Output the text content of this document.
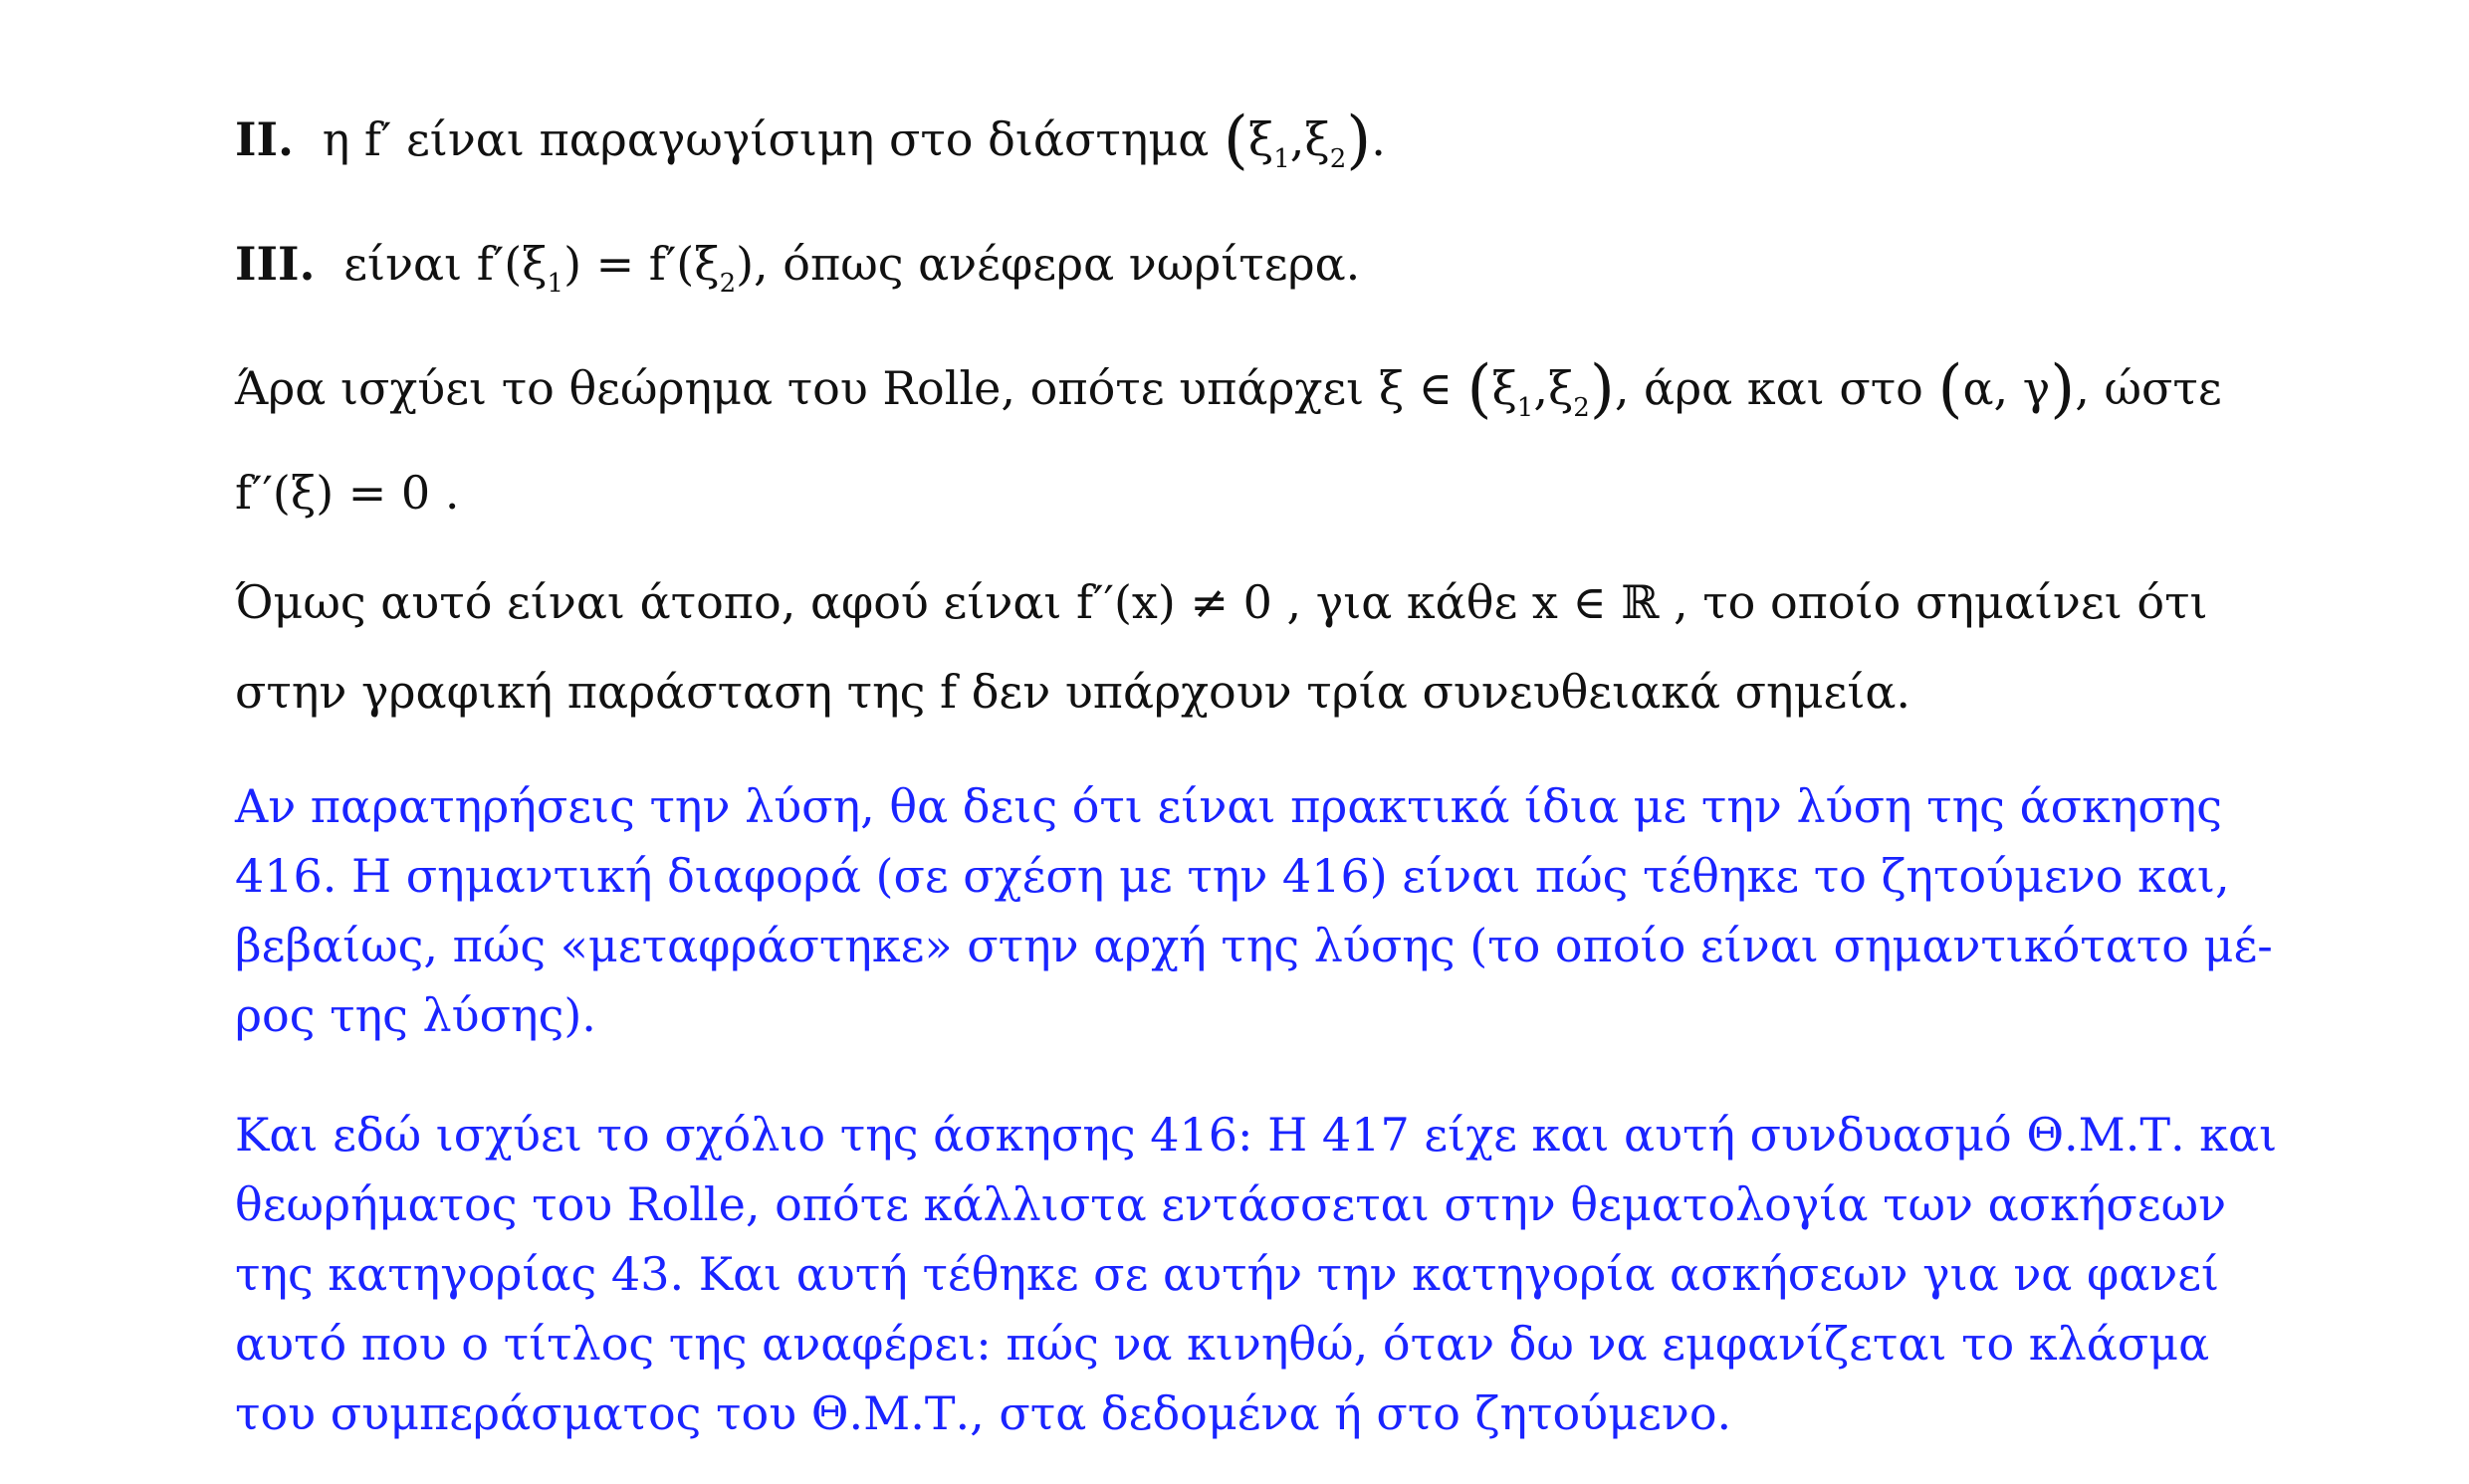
II. η f′ είναι παραγωγίσιμη στο διάστημα $(\xi_1,\xi_2)$.
III. είναι $f'(\xi_1) = f'(\xi_2)$, όπως ανέφερα νωρίτερα.
Άρα ισχύει το θεώρημα του Rolle, οπότε υπάρχει ξ ∈ $(\xi_1,\xi_2)$, άρα και στο (α, γ), ώστε
f′′(ξ) = 0 .
Όμως αυτό είναι άτοπο, αφού είναι f′′(x) ≠ 0 , για κάθε x ∈ ℝ , το οποίο σημαίνει ότι
στην γραφική παράσταση της f δεν υπάρχουν τρία συνευθειακά σημεία.
Αν παρατηρήσεις την λύση, θα δεις ότι είναι πρακτικά ίδια με την λύση της άσκησης
416. Η σημαντική διαφορά (σε σχέση με την 416) είναι πώς τέθηκε το ζητούμενο και,
βεβαίως, πώς «μεταφράστηκε» στην αρχή της λύσης (το οποίο είναι σημαντικότατο μέ-
ρος της λύσης).
Και εδώ ισχύει το σχόλιο της άσκησης 416: Η 417 είχε και αυτή συνδυασμό Θ.Μ.Τ. και
θεωρήματος του Rolle, οπότε κάλλιστα εντάσσεται στην θεματολογία των ασκήσεων
της κατηγορίας 43. Και αυτή τέθηκε σε αυτήν την κατηγορία ασκήσεων για να φανεί
αυτό που ο τίτλος της αναφέρει: πώς να κινηθώ, όταν δω να εμφανίζεται το κλάσμα
του συμπεράσματος του Θ.Μ.Τ., στα δεδομένα ή στο ζητούμενο.
